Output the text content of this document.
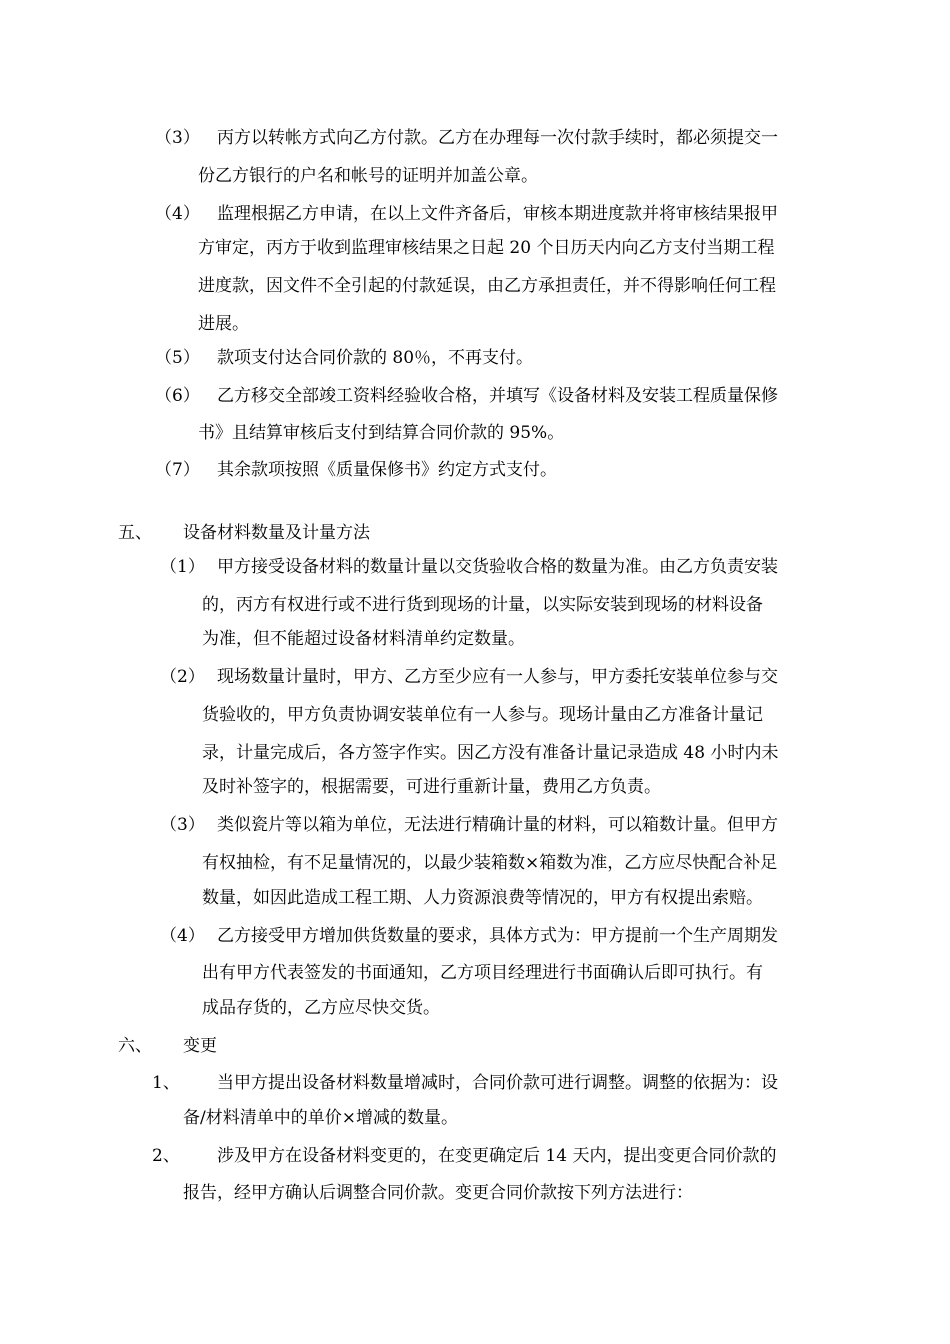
（3） 丙方以转帐方式向乙方付款。乙方在办理每一次付款手续时，都必须提交一
份乙方银行的户名和帐号的证明并加盖公章。
（4） 监理根据乙方申请，在以上文件齐备后，审核本期进度款并将审核结果报甲
方审定，丙方于收到监理审核结果之日起 20 个日历天内向乙方支付当期工程
进度款，因文件不全引起的付款延误，由乙方承担责任，并不得影响任何工程
进展。
（5） 款项支付达合同价款的 80％，不再支付。
（6） 乙方移交全部竣工资料经验收合格，并填写《设备材料及安装工程质量保修
书》且结算审核后支付到结算合同价款的 95%。
（7） 其余款项按照《质量保修书》约定方式支付。
五、 设备材料数量及计量方法
（1） 甲方接受设备材料的数量计量以交货验收合格的数量为准。由乙方负责安装
的，丙方有权进行或不进行货到现场的计量，以实际安装到现场的材料设备
为准，但不能超过设备材料清单约定数量。
（2） 现场数量计量时，甲方、乙方至少应有一人参与，甲方委托安装单位参与交
货验收的，甲方负责协调安装单位有一人参与。现场计量由乙方准备计量记
录，计量完成后，各方签字作实。因乙方没有准备计量记录造成 48 小时内未
及时补签字的，根据需要，可进行重新计量，费用乙方负责。
（3） 类似瓷片等以箱为单位，无法进行精确计量的材料，可以箱数计量。但甲方
有权抽检，有不足量情况的，以最少装箱数×箱数为准，乙方应尽快配合补足
数量，如因此造成工程工期、人力资源浪费等情况的，甲方有权提出索赔。
（4） 乙方接受甲方增加供货数量的要求，具体方式为：甲方提前一个生产周期发
出有甲方代表签发的书面通知，乙方项目经理进行书面确认后即可执行。有
成品存货的，乙方应尽快交货。
六、 变更
1、 当甲方提出设备材料数量增减时，合同价款可进行调整。调整的依据为：设
备/材料清单中的单价×增减的数量。
2、 涉及甲方在设备材料变更的，在变更确定后 14 天内，提出变更合同价款的
报告，经甲方确认后调整合同价款。变更合同价款按下列方法进行：
